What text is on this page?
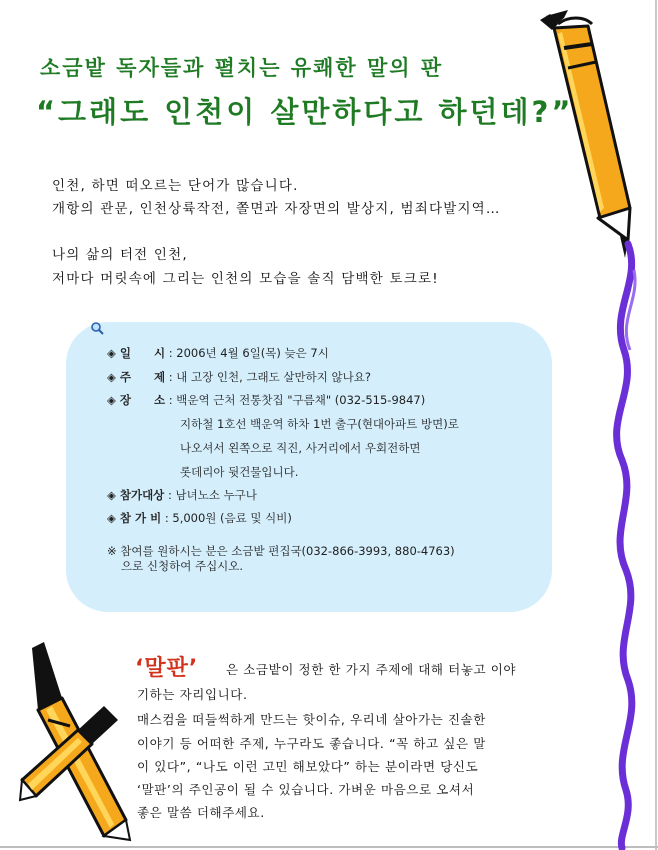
소금밭 독자들과 펼치는 유쾌한 말의 판
“그래도 인천이 살만하다고 하던데?”

인천, 하면 떠오르는 단어가 많습니다.

개항의 관문, 인천상륙작전, 쫄면과 자장면의 발상지, 범죄다발지역…

나의 삶의 터전 인천,

저마다 머릿속에 그리는 인천의 모습을 솔직 담백한 토크로!

◈ 일　　시 : 2006년 4월 6일(목) 늦은 7시
◈ 주　　제 : 내 고장 인천, 그래도 살만하지 않나요?
◈ 장　　소 : 백운역 근처 전통찻집 "구름채" (032-515-9847)
지하철 1호선 백운역 하차 1번 출구(현대아파트 방면)로
나오셔서 왼쪽으로 직진, 사거리에서 우회전하면
롯데리아 뒷건물입니다.
◈ 참가대상 : 남녀노소 누구나
◈ 참 가 비 : 5,000원 (음료 및 식비)
※ 참여를 원하시는 분은 소금밭 편집국(032-866-3993, 880-4763)
으로 신청하여 주십시오.
‘말판’ 은 소금밭이 정한 한 가지 주제에 대해 터놓고 이야

기하는 자리입니다.

매스컴을 떠들썩하게 만드는 핫이슈, 우리네 살아가는 진솔한

이야기 등 어떠한 주제, 누구라도 좋습니다. “꼭 하고 싶은 말

이 있다”, “나도 이런 고민 해보았다” 하는 분이라면 당신도

‘말판’의 주인공이 될 수 있습니다. 가벼운 마음으로 오셔서

좋은 말씀 더해주세요.
